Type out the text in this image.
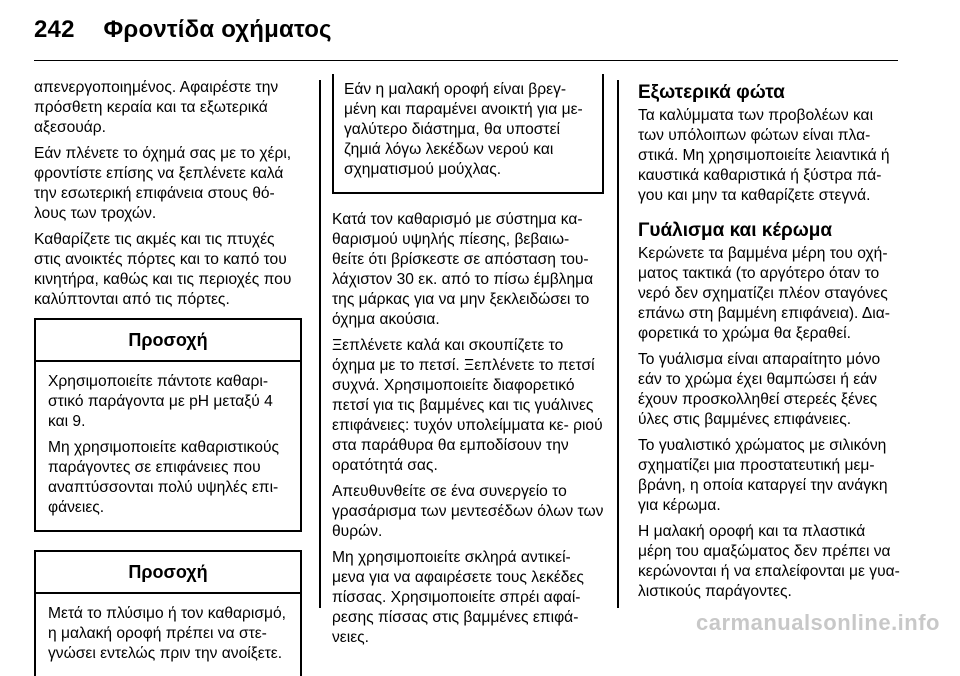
242 Φροντίδα οχήματος

απενεργοποιημένος. Αφαιρέστε την πρόσθετη κεραία και τα εξωτερικά αξεσουάρ.

Εάν πλένετε το όχημά σας με το χέρι, φροντίστε επίσης να ξεπλένετε καλά την εσωτερική επιφάνεια στους θό- λους των τροχών.

Καθαρίζετε τις ακμές και τις πτυχές στις ανοικτές πόρτες και το καπό του κινητήρα, καθώς και τις περιοχές που καλύπτονται από τις πόρτες.

Προσοχή

Χρησιμοποιείτε πάντοτε καθαρι- στικό παράγοντα με pH μεταξύ 4 και 9.

Μη χρησιμοποιείτε καθαριστικούς παράγοντες σε επιφάνειες που αναπτύσσονται πολύ υψηλές επι- φάνειες.

Προσοχή

Μετά το πλύσιμο ή τον καθαρισμό, η μαλακή οροφή πρέπει να στε- γνώσει εντελώς πριν την ανοίξετε.

Εάν η μαλακή οροφή είναι βρεγ- μένη και παραμένει ανοικτή για με- γαλύτερο διάστημα, θα υποστεί ζημιά λόγω λεκέδων νερού και σχηματισμού μούχλας.

Κατά τον καθαρισμό με σύστημα κα- θαρισμού υψηλής πίεσης, βεβαιω- θείτε ότι βρίσκεστε σε απόσταση του- λάχιστον 30 εκ. από το πίσω έμβλημα της μάρκας για να μην ξεκλειδώσει το όχημα ακούσια.

Ξεπλένετε καλά και σκουπίζετε το όχημα με το πετσί. Ξεπλένετε το πετσί συχνά. Χρησιμοποιείτε διαφορετικό πετσί για τις βαμμένες και τις γυάλινες επιφάνειες: τυχόν υπολείμματα κε- ριού στα παράθυρα θα εμποδίσουν την ορατότητά σας.

Απευθυνθείτε σε ένα συνεργείο το γρασάρισμα των μεντεσέδων όλων των θυρών.

Μη χρησιμοποιείτε σκληρά αντικεί- μενα για να αφαιρέσετε τους λεκέδες πίσσας. Χρησιμοποιείτε σπρέι αφαί- ρεσης πίσσας στις βαμμένες επιφά- νειες.

Εξωτερικά φώτα

Τα καλύμματα των προβολέων και των υπόλοιπων φώτων είναι πλα- στικά. Μη χρησιμοποιείτε λειαντικά ή καυστικά καθαριστικά ή ξύστρα πά- γου και μην τα καθαρίζετε στεγνά.

Γυάλισμα και κέρωμα

Κερώνετε τα βαμμένα μέρη του οχή- ματος τακτικά (το αργότερο όταν το νερό δεν σχηματίζει πλέον σταγόνες επάνω στη βαμμένη επιφάνεια). Δια- φορετικά το χρώμα θα ξεραθεί.

Το γυάλισμα είναι απαραίτητο μόνο εάν το χρώμα έχει θαμπώσει ή εάν έχουν προσκολληθεί στερεές ξένες ύλες στις βαμμένες επιφάνειες.

Το γυαλιστικό χρώματος με σιλικόνη σχηματίζει μια προστατευτική μεμ- βράνη, η οποία καταργεί την ανάγκη για κέρωμα.

Η μαλακή οροφή και τα πλαστικά μέρη του αμαξώματος δεν πρέπει να κερώνονται ή να επαλείφονται με γυα- λιστικούς παράγοντες.

carmanualsonline.info
